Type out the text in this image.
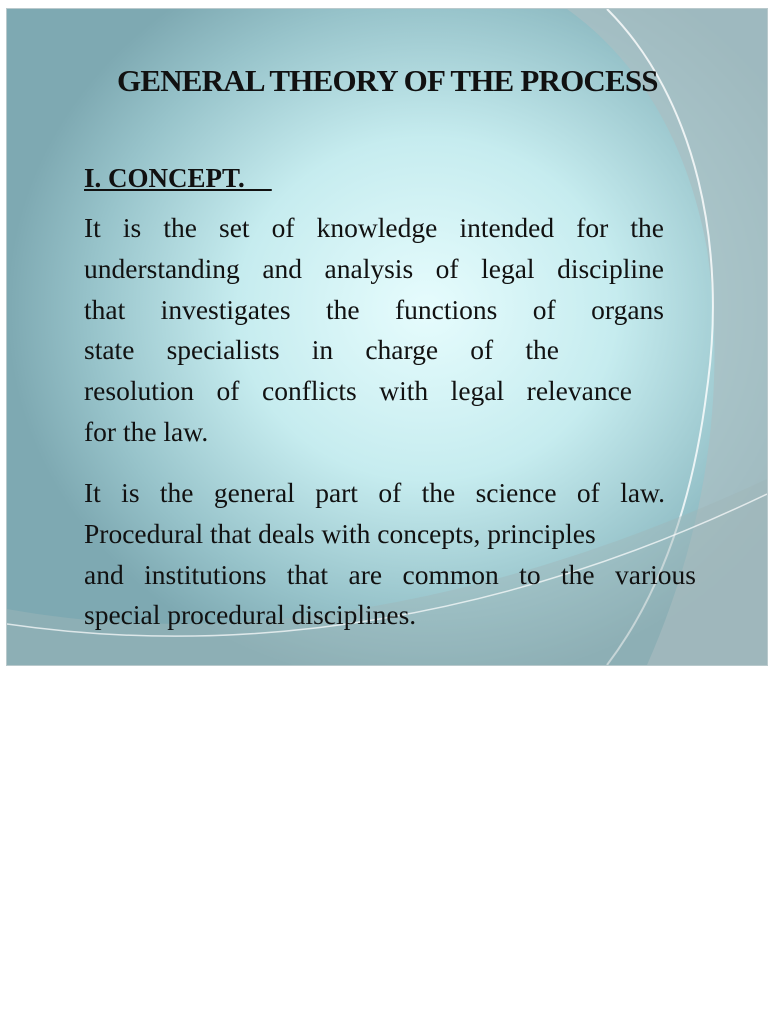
GENERAL THEORY OF THE PROCESS
I. CONCEPT.

It is the set of knowledge intended for the
understanding and analysis of legal discipline
that investigates the functions of organs
state specialists in charge of the
resolution of conflicts with legal relevance
for the law.

It is the general part of the science of law.
Procedural that deals with concepts, principles
and institutions that are common to the various
special procedural disciplines.
